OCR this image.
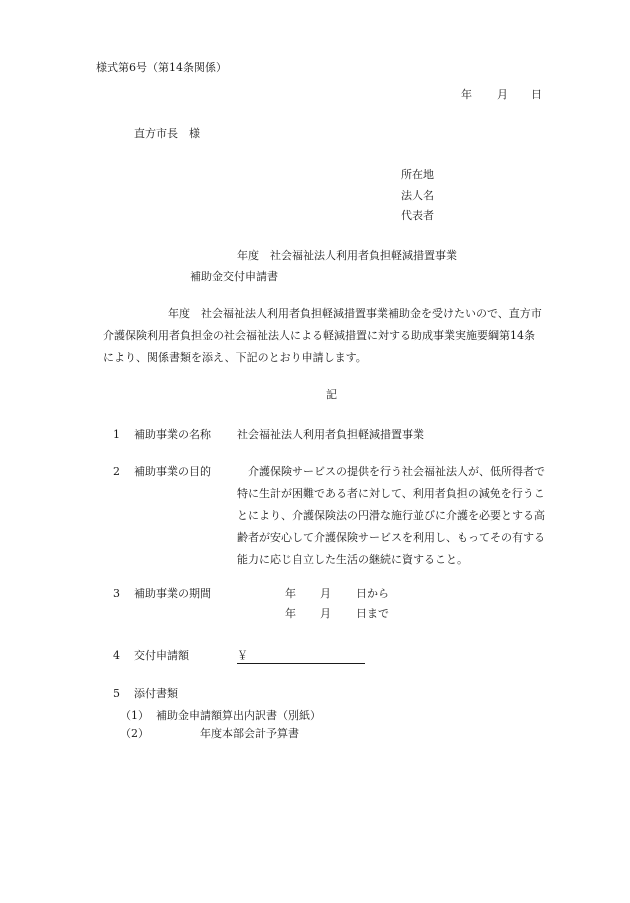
様式第6号（第14条関係）
年 月 日
直方市長　様
所在地
法人名
代表者
年度　社会福祉法人利用者負担軽減措置事業
補助金交付申請書
年度　社会福祉法人利用者負担軽減措置事業補助金を受けたいので、直方市
介護保険利用者負担金の社会福祉法人による軽減措置に対する助成事業実施要綱第14条
により、関係書類を添え、下記のとおり申請します。
記
1 補助事業の名称 社会福祉法人利用者負担軽減措置事業
2 補助事業の目的 　介護保険サービスの提供を行う社会福祉法人が、低所得者で
特に生計が困難である者に対して、利用者負担の減免を行うこ
とにより、介護保険法の円滑な施行並びに介護を必要とする高
齢者が安心して介護保険サービスを利用し、もってその有する
能力に応じ自立した生活の継続に資すること。
3 補助事業の期間	年 月 日から
年 月 日まで
4 交付申請額	￥
5 添付書類
（1） 補助金申請額算出内訳書（別紙）
（2）	年度本部会計予算書
